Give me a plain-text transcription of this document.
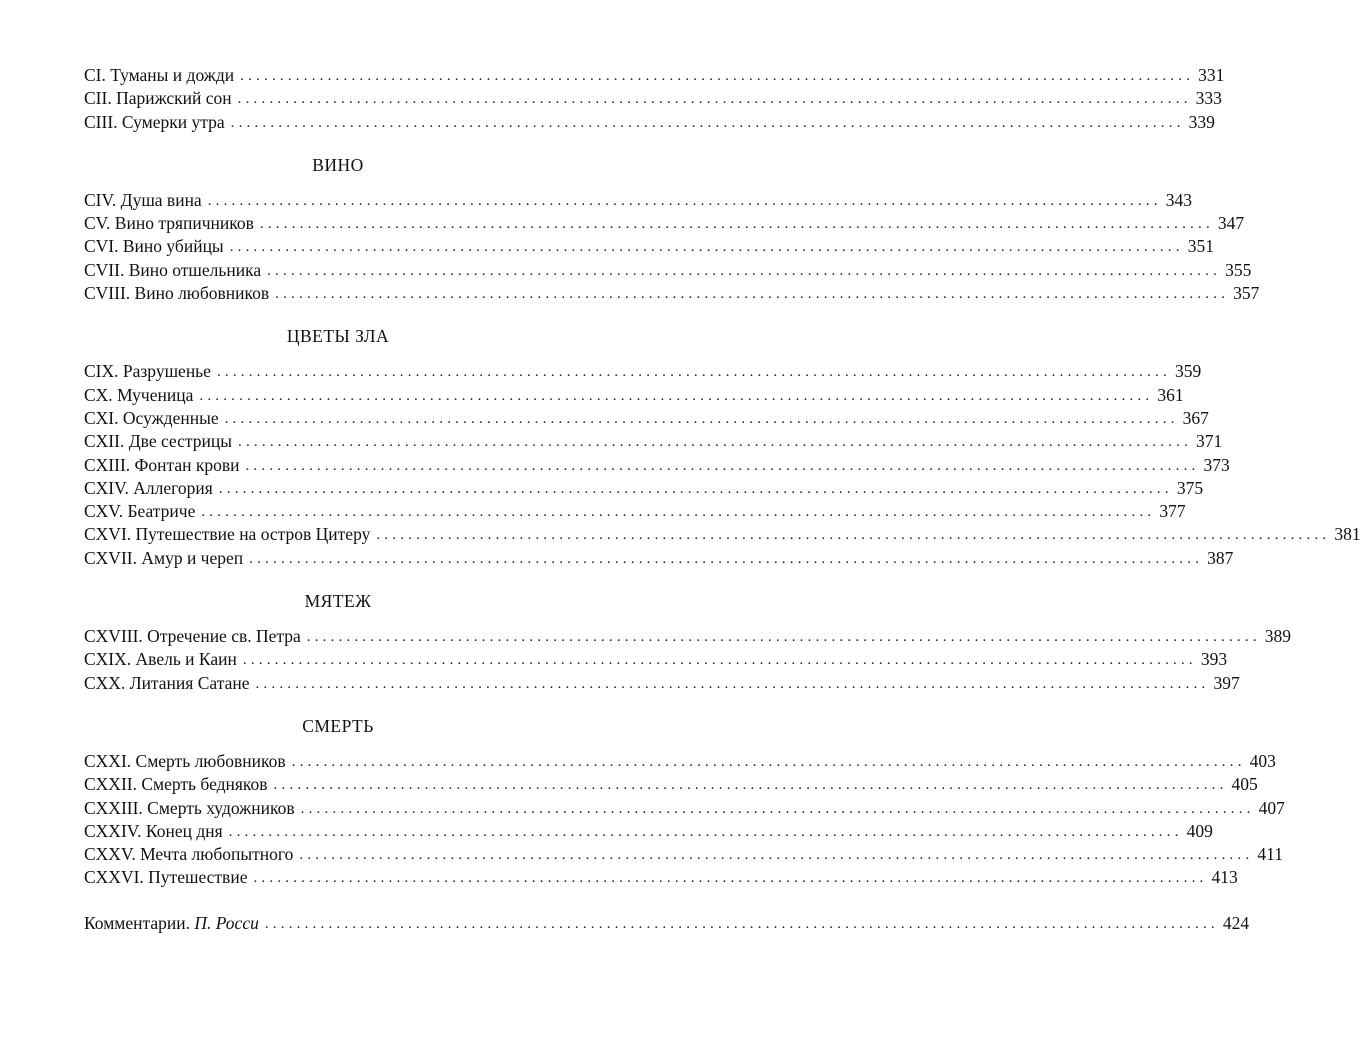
CI. Туманы и дожди ........................................................................................................................ 331
CII. Парижский сон ........................................................................................................................ 333
CIII. Сумерки утра ........................................................................................................................ 339
ВИНО
CIV. Душа вина ........................................................................................................................ 343
CV. Вино тряпичников ........................................................................................................................ 347
CVI. Вино убийцы ........................................................................................................................ 351
CVII. Вино отшельника ........................................................................................................................ 355
CVIII. Вино любовников ........................................................................................................................ 357
ЦВЕТЫ ЗЛА
CIX. Разрушенье ........................................................................................................................ 359
CX. Мученица ........................................................................................................................ 361
CXI. Осужденные ........................................................................................................................ 367
CXII. Две сестрицы ........................................................................................................................ 371
CXIII. Фонтан крови ........................................................................................................................ 373
CXIV. Аллегория ........................................................................................................................ 375
CXV. Беатриче ........................................................................................................................ 377
CXVI. Путешествие на остров Цитеру ........................................................................................................................ 381
CXVII. Амур и череп ........................................................................................................................ 387
МЯТЕЖ
CXVIII. Отречение св. Петра ........................................................................................................................ 389
CXIX. Авель и Каин ........................................................................................................................ 393
CXX. Литания Сатане ........................................................................................................................ 397
СМЕРТЬ
CXXI. Смерть любовников ........................................................................................................................ 403
CXXII. Смерть бедняков ........................................................................................................................ 405
CXXIII. Смерть художников ........................................................................................................................ 407
CXXIV. Конец дня ........................................................................................................................ 409
CXXV. Мечта любопытного ........................................................................................................................ 411
CXXVI. Путешествие ........................................................................................................................ 413
Комментарии. П. Росси ........................................................................................................................ 424
